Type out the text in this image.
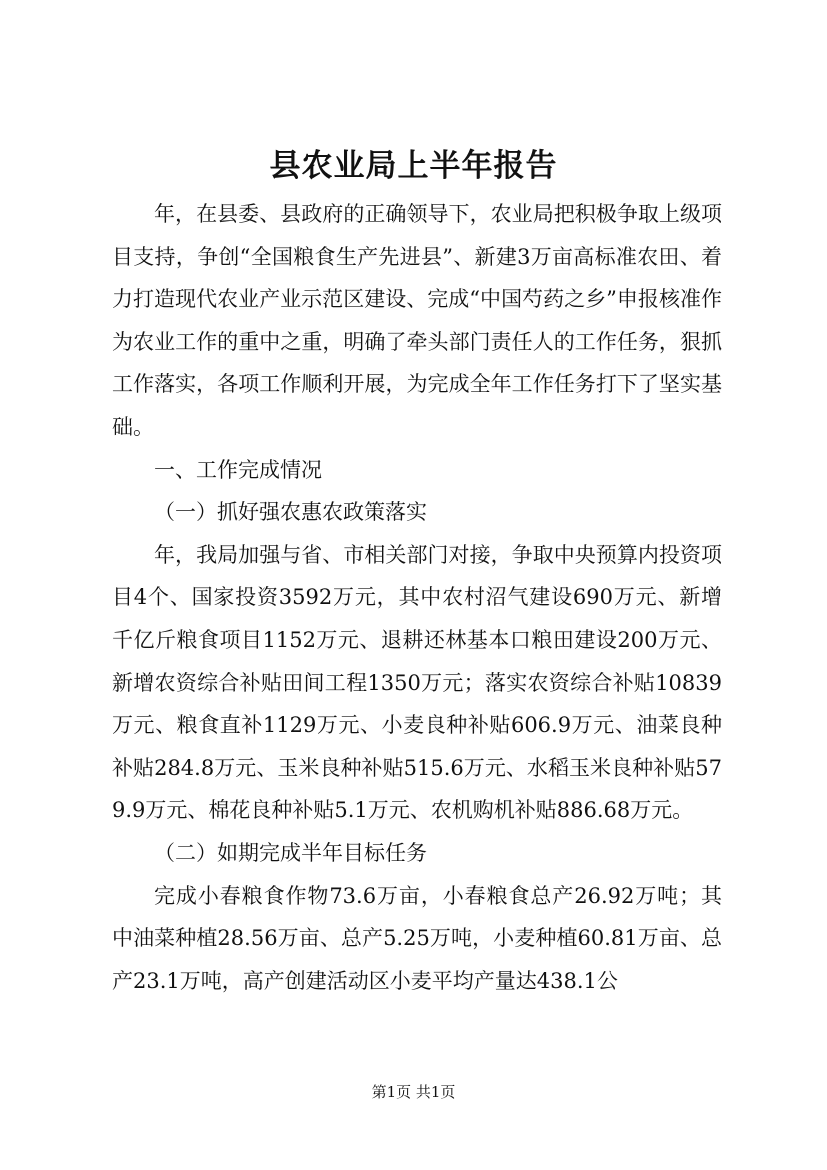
县农业局上半年报告

年，在县委、县政府的正确领导下，农业局把积极争取上级项目支持，争创“全国粮食生产先进县”、新建3万亩高标准农田、着力打造现代农业产业示范区建设、完成“中国芍药之乡”申报核准作为农业工作的重中之重，明确了牵头部门责任人的工作任务，狠抓工作落实，各项工作顺利开展，为完成全年工作任务打下了坚实基础。

一、工作完成情况

（一）抓好强农惠农政策落实

年，我局加强与省、市相关部门对接，争取中央预算内投资项目4个、国家投资3592万元，其中农村沼气建设690万元、新增千亿斤粮食项目1152万元、退耕还林基本口粮田建设200万元、新增农资综合补贴田间工程1350万元；落实农资综合补贴10839万元、粮食直补1129万元、小麦良种补贴606.9万元、油菜良种补贴284.8万元、玉米良种补贴515.6万元、水稻玉米良种补贴579.9万元、棉花良种补贴5.1万元、农机购机补贴886.68万元。

（二）如期完成半年目标任务

完成小春粮食作物73.6万亩，小春粮食总产26.92万吨；其中油菜种植28.56万亩、总产5.25万吨，小麦种植60.81万亩、总产23.1万吨，高产创建活动区小麦平均产量达438.1公

第1页 共1页
